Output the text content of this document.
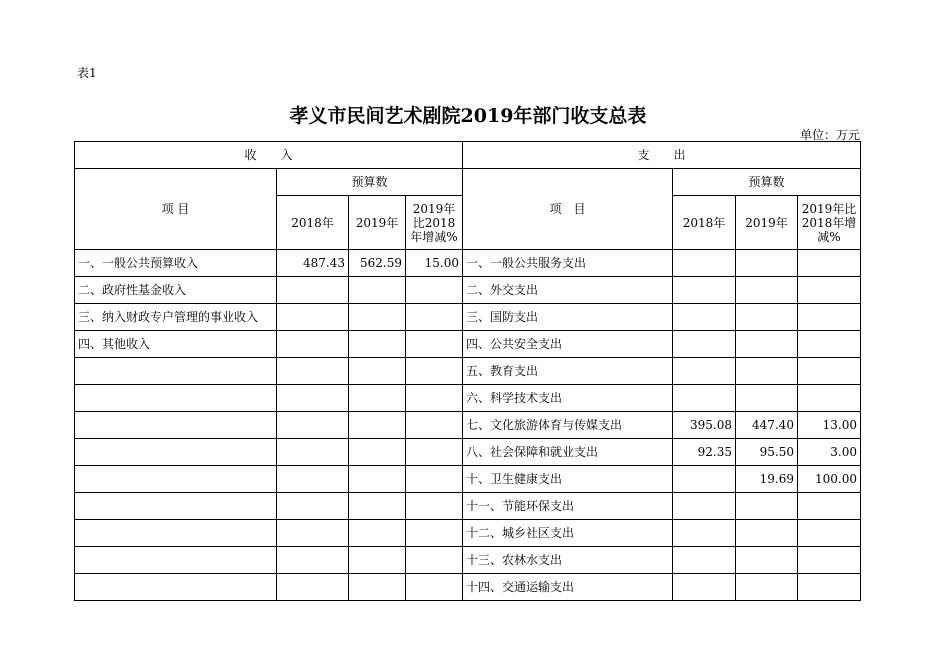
表1
孝义市民间艺术剧院2019年部门收支总表
单位：万元
收　　入				支　　出			
项 目	预算数			项　目	预算数		
	2018年	2019年	2019年比2018年增减%		2018年	2019年	2019年比2018年增减%
一、一般公共预算收入	487.43	562.59	15.00	一、一般公共服务支出			
二、政府性基金收入				二、外交支出			
三、纳入财政专户管理的事业收入				三、国防支出			
四、其他收入				四、公共安全支出			
				五、教育支出			
				六、科学技术支出			
				七、文化旅游体育与传媒支出	395.08	447.40	13.00
				八、社会保障和就业支出	92.35	95.50	3.00
				十、卫生健康支出		19.69	100.00
				十一、节能环保支出			
				十二、城乡社区支出			
				十三、农林水支出			
				十四、交通运输支出			
